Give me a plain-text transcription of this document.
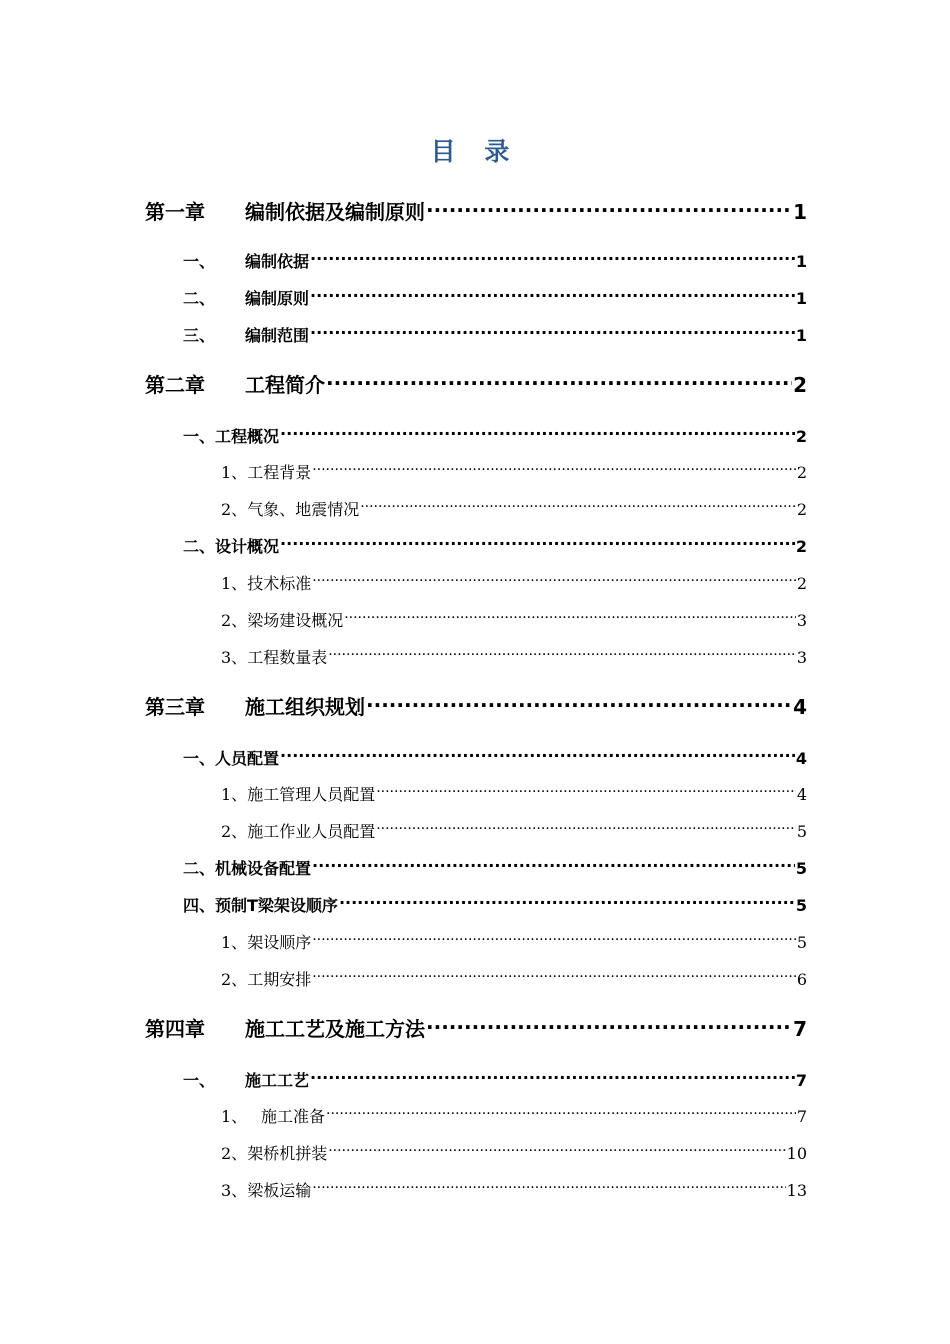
目 录
第一章	编制依据及编制原则 .....	1
一、	编制依据 .....	1
二、	编制原则 .....	1
三、	编制范围 .....	1
第二章	工程简介 .....	2
一、 工程概况 .....	2
1、 工程背景 .....	2
2、 气象、地震情况 .....	2
二、 设计概况 .....	2
1、 技术标准 .....	2
2、 梁场建设概况 .....	3
3、 工程数量表 .....	3
第三章	施工组织规划 .....	4
一、 人员配置 .....	4
1、 施工管理人员配置 .....	4
2、 施工作业人员配置 .....	5
二、 机械设备配置 .....	5
四、 预制T梁架设顺序 .....	5
1、 架设顺序 .....	5
2、 工期安排 .....	6
第四章	施工工艺及施工方法 .....	7
一、	施工工艺 .....	7
1、 施工准备 .....	7
2、 架桥机拼装 .....	10
3、 梁板运输 .....	13
